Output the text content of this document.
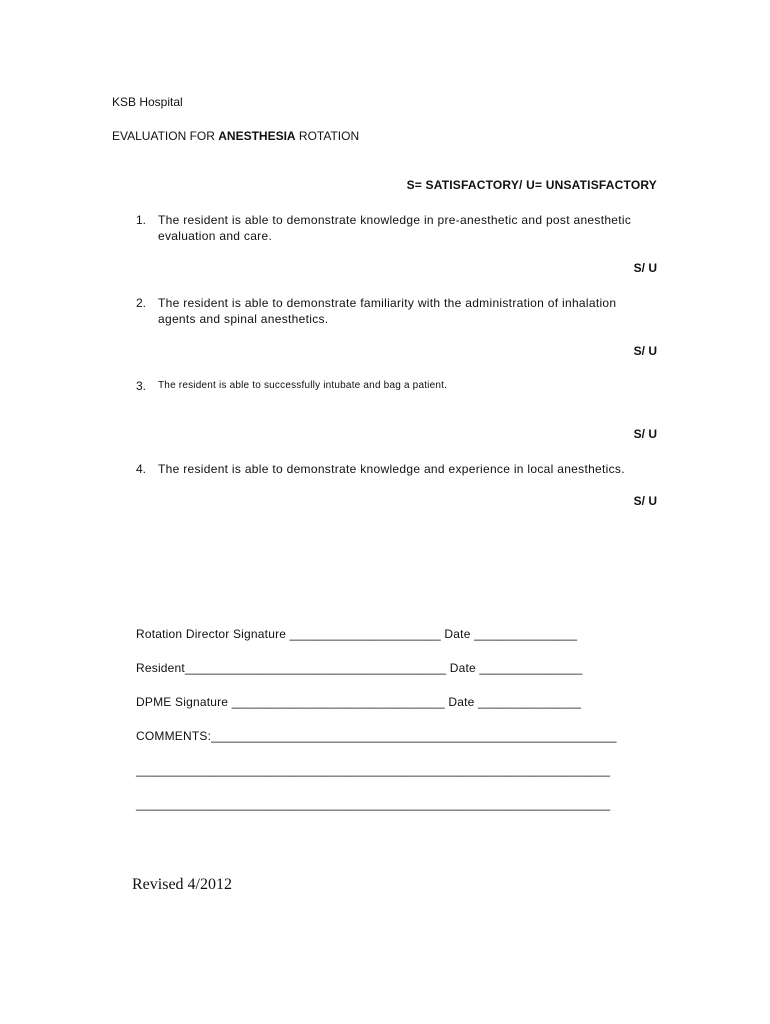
KSB Hospital
EVALUATION FOR ANESTHESIA ROTATION
S= SATISFACTORY/ U= UNSATISFACTORY
1. The resident is able to demonstrate knowledge in pre-anesthetic and post anesthetic evaluation and care.
S/ U
2. The resident is able to demonstrate familiarity with the administration of inhalation agents and spinal anesthetics.
S/ U
3. The resident is able to successfully intubate and bag a patient.
S/ U
4. The resident is able to demonstrate knowledge and experience in local anesthetics.
S/ U
Rotation Director Signature ______________________ Date _______________
Resident______________________________________ Date _______________
DPME Signature _______________________________ Date _______________
COMMENTS:___________________________________________________________
_____________________________________________________________________
_____________________________________________________________________
Revised 4/2012
